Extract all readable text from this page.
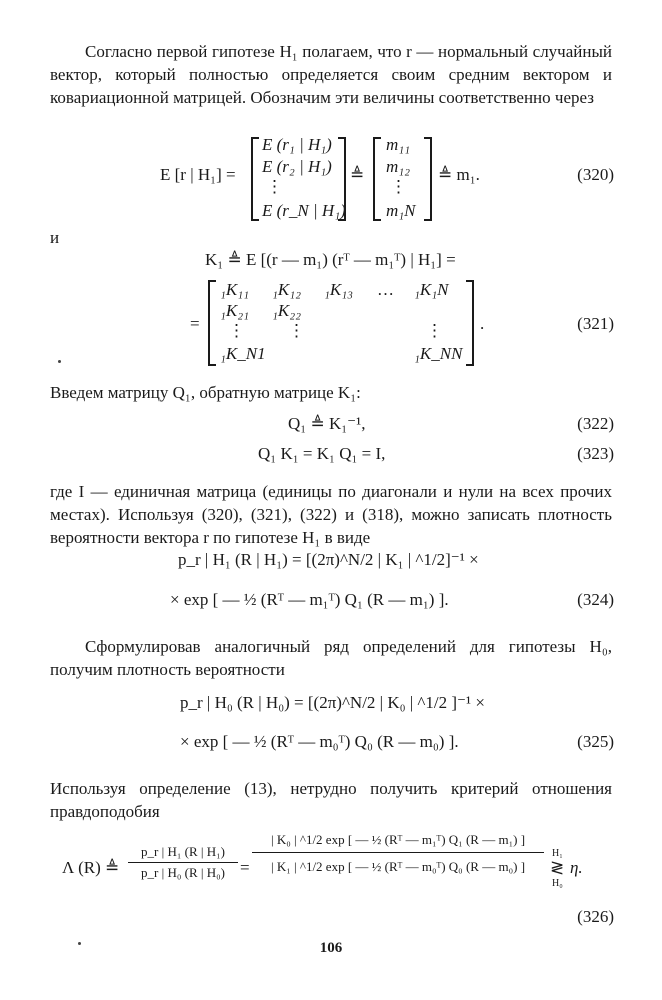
Согласно первой гипотезе H₁ полагаем, что r — нормальный случайный вектор, который полностью определяется своим средним вектором и ковариационной матрицей. Обозначим эти величины соответственно через
E [r | H₁] =
E (r₁ | H₁)
E (r₂ | H₁)
⋮
E (r_N | H₁)
≜
m₁₁
m₁₂
⋮
m₁N
≜ m₁.	(320)
и
K₁ ≜ E [(r — m₁) (rᵀ — m₁ᵀ) | H₁] =
=
₁K₁₁ ₁K₁₂ ₁K₁₃ … ₁K₁N
₁K₂₁ ₁K₂₂
⋮	⋮	⋮
₁K_N1	₁K_NN
.	(321)
Введем матрицу Q₁, обратную матрице K₁:
Q₁ ≜ K₁⁻¹,	(322)
Q₁ K₁ = K₁ Q₁ = I,	(323)
где I — единичная матрица (единицы по диагонали и нули на всех прочих местах). Используя (320), (321), (322) и (318), можно записать плотность вероятности вектора r по гипотезе H₁ в виде
p_r | H₁ (R | H₁) = [(2π)^N/2 | K₁ | ^1/2]⁻¹ ×
× exp [ — ½ (Rᵀ — m₁ᵀ) Q₁ (R — m₁) ].	(324)
Сформулировав аналогичный ряд определений для гипотезы H₀, получим плотность вероятности
p_r | H₀ (R | H₀) = [(2π)^N/2 | K₀ | ^1/2 ]⁻¹ ×
× exp [ — ½ (Rᵀ — m₀ᵀ) Q₀ (R — m₀) ].	(325)
Используя определение (13), нетрудно получить критерий отношения правдоподобия
Λ (R) ≜ $\frac{\text{p\_r | H₁ (R | H₁)}}{\text{p\_r | H₀ (R | H₀)}} = \frac{\text{| K₀ | \textasciicircum{}1/2 exp [ — ½ (Rᵀ — m₁ᵀ) Q₁ (R — m₁) ]}}{\text{| K₁ | \textasciicircum{}1/2 exp [ — ½ (Rᵀ — m₀ᵀ) Q₀ (R — m₀) ]}} H_1$
≷
H₀
η.
(326)
106
